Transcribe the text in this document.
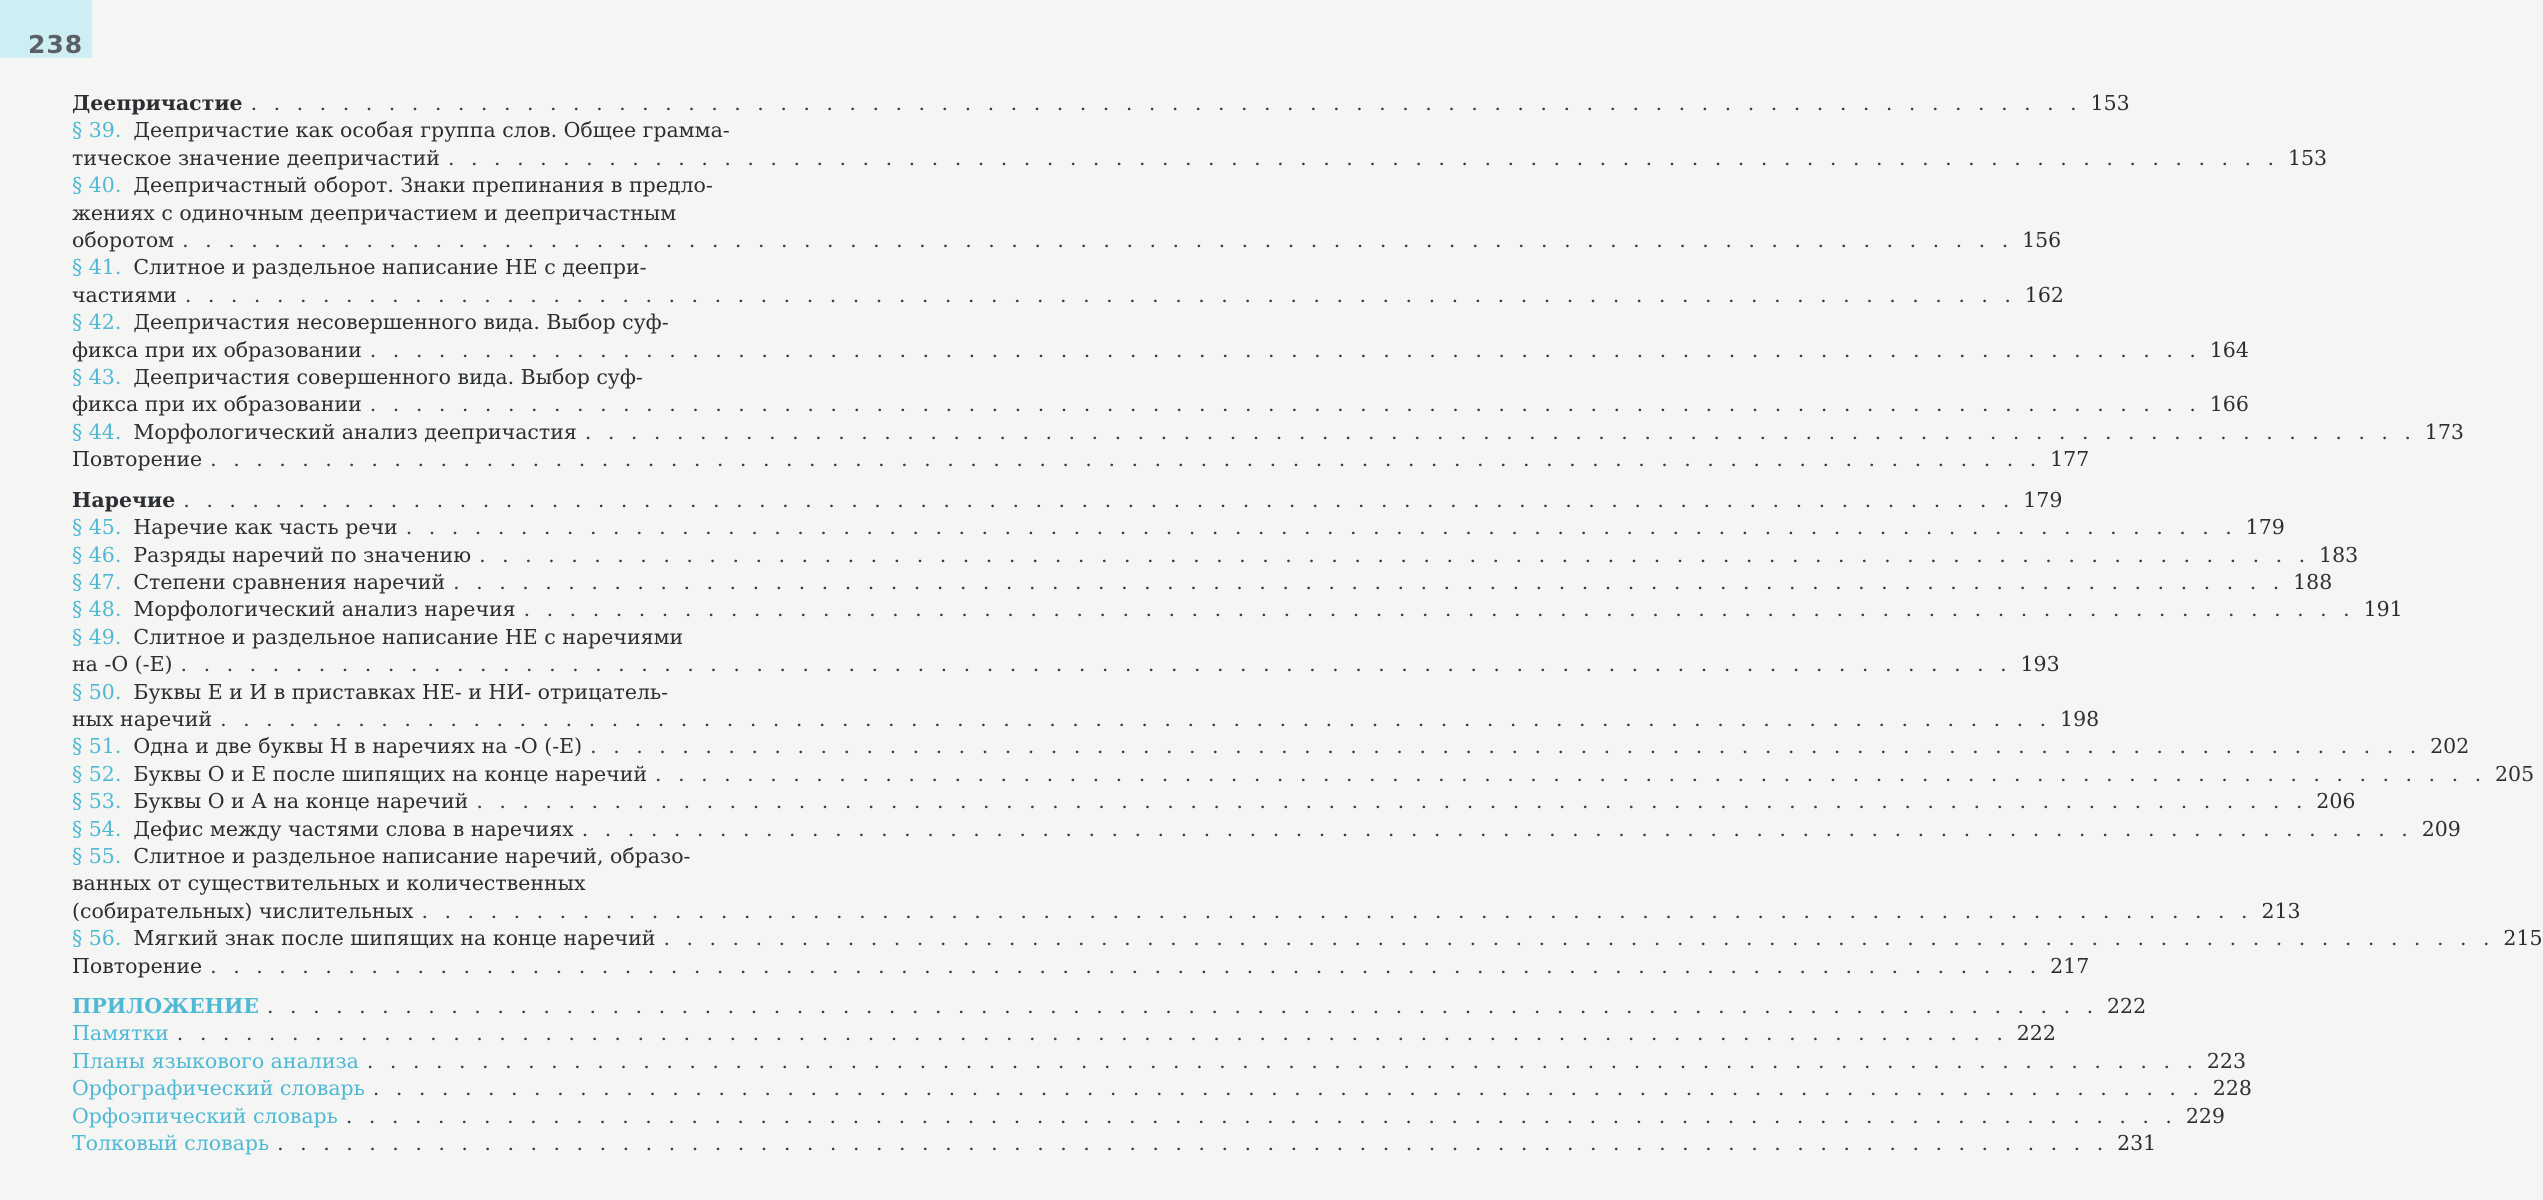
238
Деепричастие . . . . . . . . . . . . . . . . . . . . . . . . . . . . . . . . . . . . . . . . . . . . . . . . . . . . . . . . . . . . . . . . . . . . . . . . . . . . . . . . 153
§ 39. Деепричастие как особая группа слов. Общее граммa-
тическое значение деепричастий . . . . . . . . . . . . . . . . . . . . . . . . . . . . . . . . . . . . . . . . . . . . . . . . . . . . . . . . . . . . . . . . . . . . . . . . . . . . . . . . 153
§ 40. Деепричастный оборот. Знаки препинания в предло-
жениях с одиночным деепричастием и деепричастным
оборотом . . . . . . . . . . . . . . . . . . . . . . . . . . . . . . . . . . . . . . . . . . . . . . . . . . . . . . . . . . . . . . . . . . . . . . . . . . . . . . . . 156
§ 41. Слитное и раздельное написание НЕ с деепри-
частиями . . . . . . . . . . . . . . . . . . . . . . . . . . . . . . . . . . . . . . . . . . . . . . . . . . . . . . . . . . . . . . . . . . . . . . . . . . . . . . . . 162
§ 42. Деепричастия несовершенного вида. Выбор суф-
фикса при их образовании . . . . . . . . . . . . . . . . . . . . . . . . . . . . . . . . . . . . . . . . . . . . . . . . . . . . . . . . . . . . . . . . . . . . . . . . . . . . . . . . 164
§ 43. Деепричастия совершенного вида. Выбор суф-
фикса при их образовании . . . . . . . . . . . . . . . . . . . . . . . . . . . . . . . . . . . . . . . . . . . . . . . . . . . . . . . . . . . . . . . . . . . . . . . . . . . . . . . . 166
§ 44. Морфологический анализ деепричастия . . . . . . . . . . . . . . . . . . . . . . . . . . . . . . . . . . . . . . . . . . . . . . . . . . . . . . . . . . . . . . . . . . . . . . . . . . . . . . . . 173
Повторение . . . . . . . . . . . . . . . . . . . . . . . . . . . . . . . . . . . . . . . . . . . . . . . . . . . . . . . . . . . . . . . . . . . . . . . . . . . . . . . . 177
Наречие . . . . . . . . . . . . . . . . . . . . . . . . . . . . . . . . . . . . . . . . . . . . . . . . . . . . . . . . . . . . . . . . . . . . . . . . . . . . . . . . 179
§ 45. Наречие как часть речи . . . . . . . . . . . . . . . . . . . . . . . . . . . . . . . . . . . . . . . . . . . . . . . . . . . . . . . . . . . . . . . . . . . . . . . . . . . . . . . . 179
§ 46. Разряды наречий по значению . . . . . . . . . . . . . . . . . . . . . . . . . . . . . . . . . . . . . . . . . . . . . . . . . . . . . . . . . . . . . . . . . . . . . . . . . . . . . . . . 183
§ 47. Степени сравнения наречий . . . . . . . . . . . . . . . . . . . . . . . . . . . . . . . . . . . . . . . . . . . . . . . . . . . . . . . . . . . . . . . . . . . . . . . . . . . . . . . . 188
§ 48. Морфологический анализ наречия . . . . . . . . . . . . . . . . . . . . . . . . . . . . . . . . . . . . . . . . . . . . . . . . . . . . . . . . . . . . . . . . . . . . . . . . . . . . . . . . 191
§ 49. Слитное и раздельное написание НЕ с наречиями
на -О (-Е) . . . . . . . . . . . . . . . . . . . . . . . . . . . . . . . . . . . . . . . . . . . . . . . . . . . . . . . . . . . . . . . . . . . . . . . . . . . . . . . . 193
§ 50. Буквы Е и И в приставках НЕ- и НИ- отрицатель-
ных наречий . . . . . . . . . . . . . . . . . . . . . . . . . . . . . . . . . . . . . . . . . . . . . . . . . . . . . . . . . . . . . . . . . . . . . . . . . . . . . . . . 198
§ 51. Одна и две буквы Н в наречиях на -О (-Е) . . . . . . . . . . . . . . . . . . . . . . . . . . . . . . . . . . . . . . . . . . . . . . . . . . . . . . . . . . . . . . . . . . . . . . . . . . . . . . . . 202
§ 52. Буквы О и Е после шипящих на конце наречий . . . . . . . . . . . . . . . . . . . . . . . . . . . . . . . . . . . . . . . . . . . . . . . . . . . . . . . . . . . . . . . . . . . . . . . . . . . . . . . . 205
§ 53. Буквы О и А на конце наречий . . . . . . . . . . . . . . . . . . . . . . . . . . . . . . . . . . . . . . . . . . . . . . . . . . . . . . . . . . . . . . . . . . . . . . . . . . . . . . . . 206
§ 54. Дефис между частями слова в наречиях . . . . . . . . . . . . . . . . . . . . . . . . . . . . . . . . . . . . . . . . . . . . . . . . . . . . . . . . . . . . . . . . . . . . . . . . . . . . . . . . 209
§ 55. Слитное и раздельное написание наречий, образо-
ванных от существительных и количественных
(собирательных) числительных . . . . . . . . . . . . . . . . . . . . . . . . . . . . . . . . . . . . . . . . . . . . . . . . . . . . . . . . . . . . . . . . . . . . . . . . . . . . . . . . 213
§ 56. Мягкий знак после шипящих на конце наречий . . . . . . . . . . . . . . . . . . . . . . . . . . . . . . . . . . . . . . . . . . . . . . . . . . . . . . . . . . . . . . . . . . . . . . . . . . . . . . . . 215
Повторение . . . . . . . . . . . . . . . . . . . . . . . . . . . . . . . . . . . . . . . . . . . . . . . . . . . . . . . . . . . . . . . . . . . . . . . . . . . . . . . . 217
ПРИЛОЖЕНИЕ . . . . . . . . . . . . . . . . . . . . . . . . . . . . . . . . . . . . . . . . . . . . . . . . . . . . . . . . . . . . . . . . . . . . . . . . . . . . . . . . 222
Памятки . . . . . . . . . . . . . . . . . . . . . . . . . . . . . . . . . . . . . . . . . . . . . . . . . . . . . . . . . . . . . . . . . . . . . . . . . . . . . . . . 222
Планы языкового анализа . . . . . . . . . . . . . . . . . . . . . . . . . . . . . . . . . . . . . . . . . . . . . . . . . . . . . . . . . . . . . . . . . . . . . . . . . . . . . . . . 223
Орфографический словарь . . . . . . . . . . . . . . . . . . . . . . . . . . . . . . . . . . . . . . . . . . . . . . . . . . . . . . . . . . . . . . . . . . . . . . . . . . . . . . . . 228
Орфоэпический словарь . . . . . . . . . . . . . . . . . . . . . . . . . . . . . . . . . . . . . . . . . . . . . . . . . . . . . . . . . . . . . . . . . . . . . . . . . . . . . . . . 229
Толковый словарь . . . . . . . . . . . . . . . . . . . . . . . . . . . . . . . . . . . . . . . . . . . . . . . . . . . . . . . . . . . . . . . . . . . . . . . . . . . . . . . . 231
